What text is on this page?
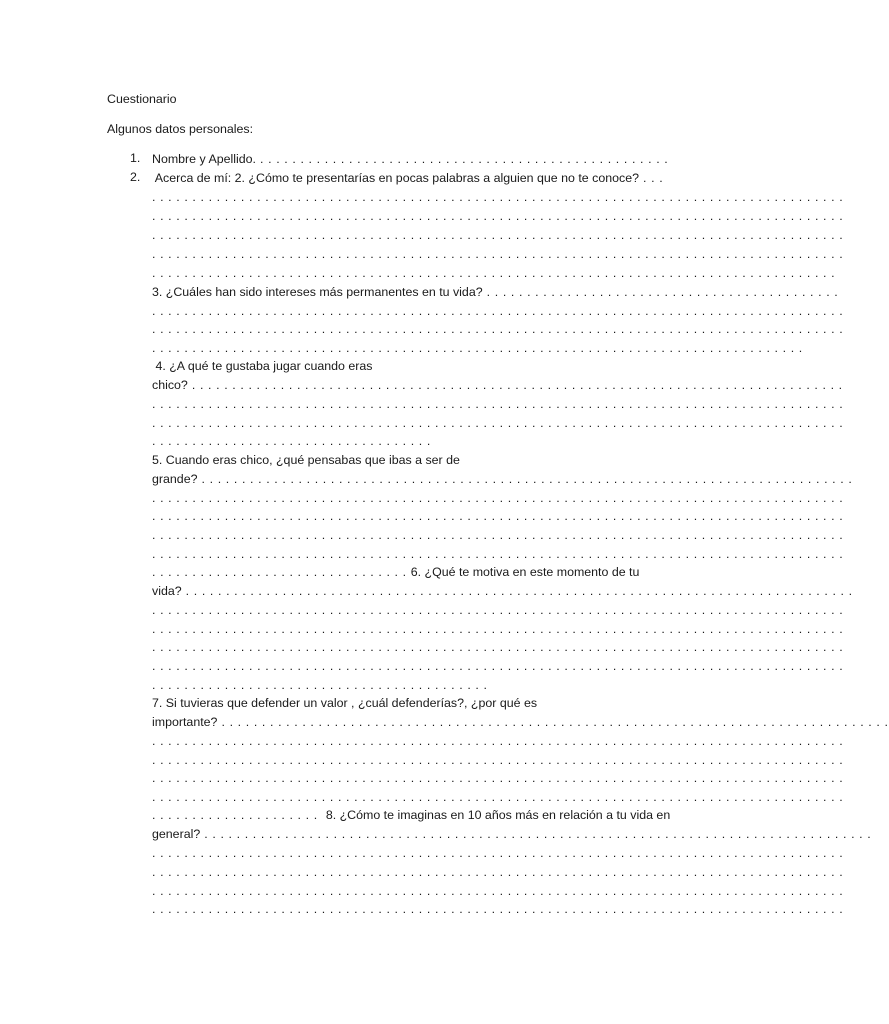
Cuestionario
Algunos datos personales:
1. Nombre y Apellido. . . . . . . . . . . . . . . . . . . . . . . . . . . . . . . . . . . . . . . . . . . . . . . . . . . .
2. Acerca de mí: 2. ¿Cómo te presentarías en pocas palabras a alguien que no te conoce? . . .
. . . . . . . . . . . . . . . . . . . . . . . . . . . . . . . . . . . . . . . . . . . . . . . . . . . . . . . . . . . . . . . . . . . . . . . . . . . . . . . . . . . . . .
. . . . . . . . . . . . . . . . . . . . . . . . . . . . . . . . . . . . . . . . . . . . . . . . . . . . . . . . . . . . . . . . . . . . . . . . . . . . . . . . . . . . . .
. . . . . . . . . . . . . . . . . . . . . . . . . . . . . . . . . . . . . . . . . . . . . . . . . . . . . . . . . . . . . . . . . . . . . . . . . . . . . . . . . . . . . .
. . . . . . . . . . . . . . . . . . . . . . . . . . . . . . . . . . . . . . . . . . . . . . . . . . . . . . . . . . . . . . . . . . . . . . . . . . . . . . . . . . . . . .
. . . . . . . . . . . . . . . . . . . . . . . . . . . . . . . . . . . . . . . . . . . . . . . . . . . . . . . . . . . . . . . . . . . . . . . . . . . . . . . . . . . . .
3. ¿Cuáles han sido intereses más permanentes en tu vida? . . . . . . . . . . . . . . . . . . . . . . . . . . . . . . . . . . . . . . . . . . . .
. . . . . . . . . . . . . . . . . . . . . . . . . . . . . . . . . . . . . . . . . . . . . . . . . . . . . . . . . . . . . . . . . . . . . . . . . . . . . . . . . . . . . .
. . . . . . . . . . . . . . . . . . . . . . . . . . . . . . . . . . . . . . . . . . . . . . . . . . . . . . . . . . . . . . . . . . . . . . . . . . . . . . . . . . . . . .
. . . . . . . . . . . . . . . . . . . . . . . . . . . . . . . . . . . . . . . . . . . . . . . . . . . . . . . . . . . . . . . . . . . . . . . . . . . . . . . . .
4. ¿A qué te gustaba jugar cuando eras
chico? . . . . . . . . . . . . . . . . . . . . . . . . . . . . . . . . . . . . . . . . . . . . . . . . . . . . . . . . . . . . . . . . . . . . . . . . . . . . . . . . .
. . . . . . . . . . . . . . . . . . . . . . . . . . . . . . . . . . . . . . . . . . . . . . . . . . . . . . . . . . . . . . . . . . . . . . . . . . . . . . . . . . . . . .
. . . . . . . . . . . . . . . . . . . . . . . . . . . . . . . . . . . . . . . . . . . . . . . . . . . . . . . . . . . . . . . . . . . . . . . . . . . . . . . . . . . . . .
. . . . . . . . . . . . . . . . . . . . . . . . . . . . . . . . . . .
5. Cuando eras chico, ¿qué pensabas que ibas a ser de
grande? . . . . . . . . . . . . . . . . . . . . . . . . . . . . . . . . . . . . . . . . . . . . . . . . . . . . . . . . . . . . . . . . . . . . . . . . . . . . . . . . .
. . . . . . . . . . . . . . . . . . . . . . . . . . . . . . . . . . . . . . . . . . . . . . . . . . . . . . . . . . . . . . . . . . . . . . . . . . . . . . . . . . . . . .
. . . . . . . . . . . . . . . . . . . . . . . . . . . . . . . . . . . . . . . . . . . . . . . . . . . . . . . . . . . . . . . . . . . . . . . . . . . . . . . . . . . . . .
. . . . . . . . . . . . . . . . . . . . . . . . . . . . . . . . . . . . . . . . . . . . . . . . . . . . . . . . . . . . . . . . . . . . . . . . . . . . . . . . . . . . . .
. . . . . . . . . . . . . . . . . . . . . . . . . . . . . . . . . . . . . . . . . . . . . . . . . . . . . . . . . . . . . . . . . . . . . . . . . . . . . . . . . . . . . .
. . . . . . . . . . . . . . . . . . . . . . . . . . . . . . . . 6. ¿Qué te motiva en este momento de tu
vida? . . . . . . . . . . . . . . . . . . . . . . . . . . . . . . . . . . . . . . . . . . . . . . . . . . . . . . . . . . . . . . . . . . . . . . . . . . . . . . . . . . .
. . . . . . . . . . . . . . . . . . . . . . . . . . . . . . . . . . . . . . . . . . . . . . . . . . . . . . . . . . . . . . . . . . . . . . . . . . . . . . . . . . . . . .
. . . . . . . . . . . . . . . . . . . . . . . . . . . . . . . . . . . . . . . . . . . . . . . . . . . . . . . . . . . . . . . . . . . . . . . . . . . . . . . . . . . . . .
. . . . . . . . . . . . . . . . . . . . . . . . . . . . . . . . . . . . . . . . . . . . . . . . . . . . . . . . . . . . . . . . . . . . . . . . . . . . . . . . . . . . . .
. . . . . . . . . . . . . . . . . . . . . . . . . . . . . . . . . . . . . . . . . . . . . . . . . . . . . . . . . . . . . . . . . . . . . . . . . . . . . . . . . . . . . .
. . . . . . . . . . . . . . . . . . . . . . . . . . . . . . . . . . . . . . . . . .
7. Si tuvieras que defender un valor , ¿cuál defenderías?, ¿por qué es
importante? . . . . . . . . . . . . . . . . . . . . . . . . . . . . . . . . . . . . . . . . . . . . . . . . . . . . . . . . . . . . . . . . . . . . . . . . . . . . . . . . . . .
. . . . . . . . . . . . . . . . . . . . . . . . . . . . . . . . . . . . . . . . . . . . . . . . . . . . . . . . . . . . . . . . . . . . . . . . . . . . . . . . . . . . . .
. . . . . . . . . . . . . . . . . . . . . . . . . . . . . . . . . . . . . . . . . . . . . . . . . . . . . . . . . . . . . . . . . . . . . . . . . . . . . . . . . . . . . .
. . . . . . . . . . . . . . . . . . . . . . . . . . . . . . . . . . . . . . . . . . . . . . . . . . . . . . . . . . . . . . . . . . . . . . . . . . . . . . . . . . . . . .
. . . . . . . . . . . . . . . . . . . . . . . . . . . . . . . . . . . . . . . . . . . . . . . . . . . . . . . . . . . . . . . . . . . . . . . . . . . . . . . . . . . . . .
. . . . . . . . . . . . . . . . . . . . .  8. ¿Cómo te imaginas en 10 años más en relación a tu vida en
general? . . . . . . . . . . . . . . . . . . . . . . . . . . . . . . . . . . . . . . . . . . . . . . . . . . . . . . . . . . . . . . . . . . . . . . . . . . . . . . . . . . .
. . . . . . . . . . . . . . . . . . . . . . . . . . . . . . . . . . . . . . . . . . . . . . . . . . . . . . . . . . . . . . . . . . . . . . . . . . . . . . . . . . . . . .
. . . . . . . . . . . . . . . . . . . . . . . . . . . . . . . . . . . . . . . . . . . . . . . . . . . . . . . . . . . . . . . . . . . . . . . . . . . . . . . . . . . . . .
. . . . . . . . . . . . . . . . . . . . . . . . . . . . . . . . . . . . . . . . . . . . . . . . . . . . . . . . . . . . . . . . . . . . . . . . . . . . . . . . . . . . . .
. . . . . . . . . . . . . . . . . . . . . . . . . . . . . . . . . . . . . . . . . . . . . . . . . . . . . . . . . . . . . . . . . . . . . . . . . . . . . . . . . . . . . .
